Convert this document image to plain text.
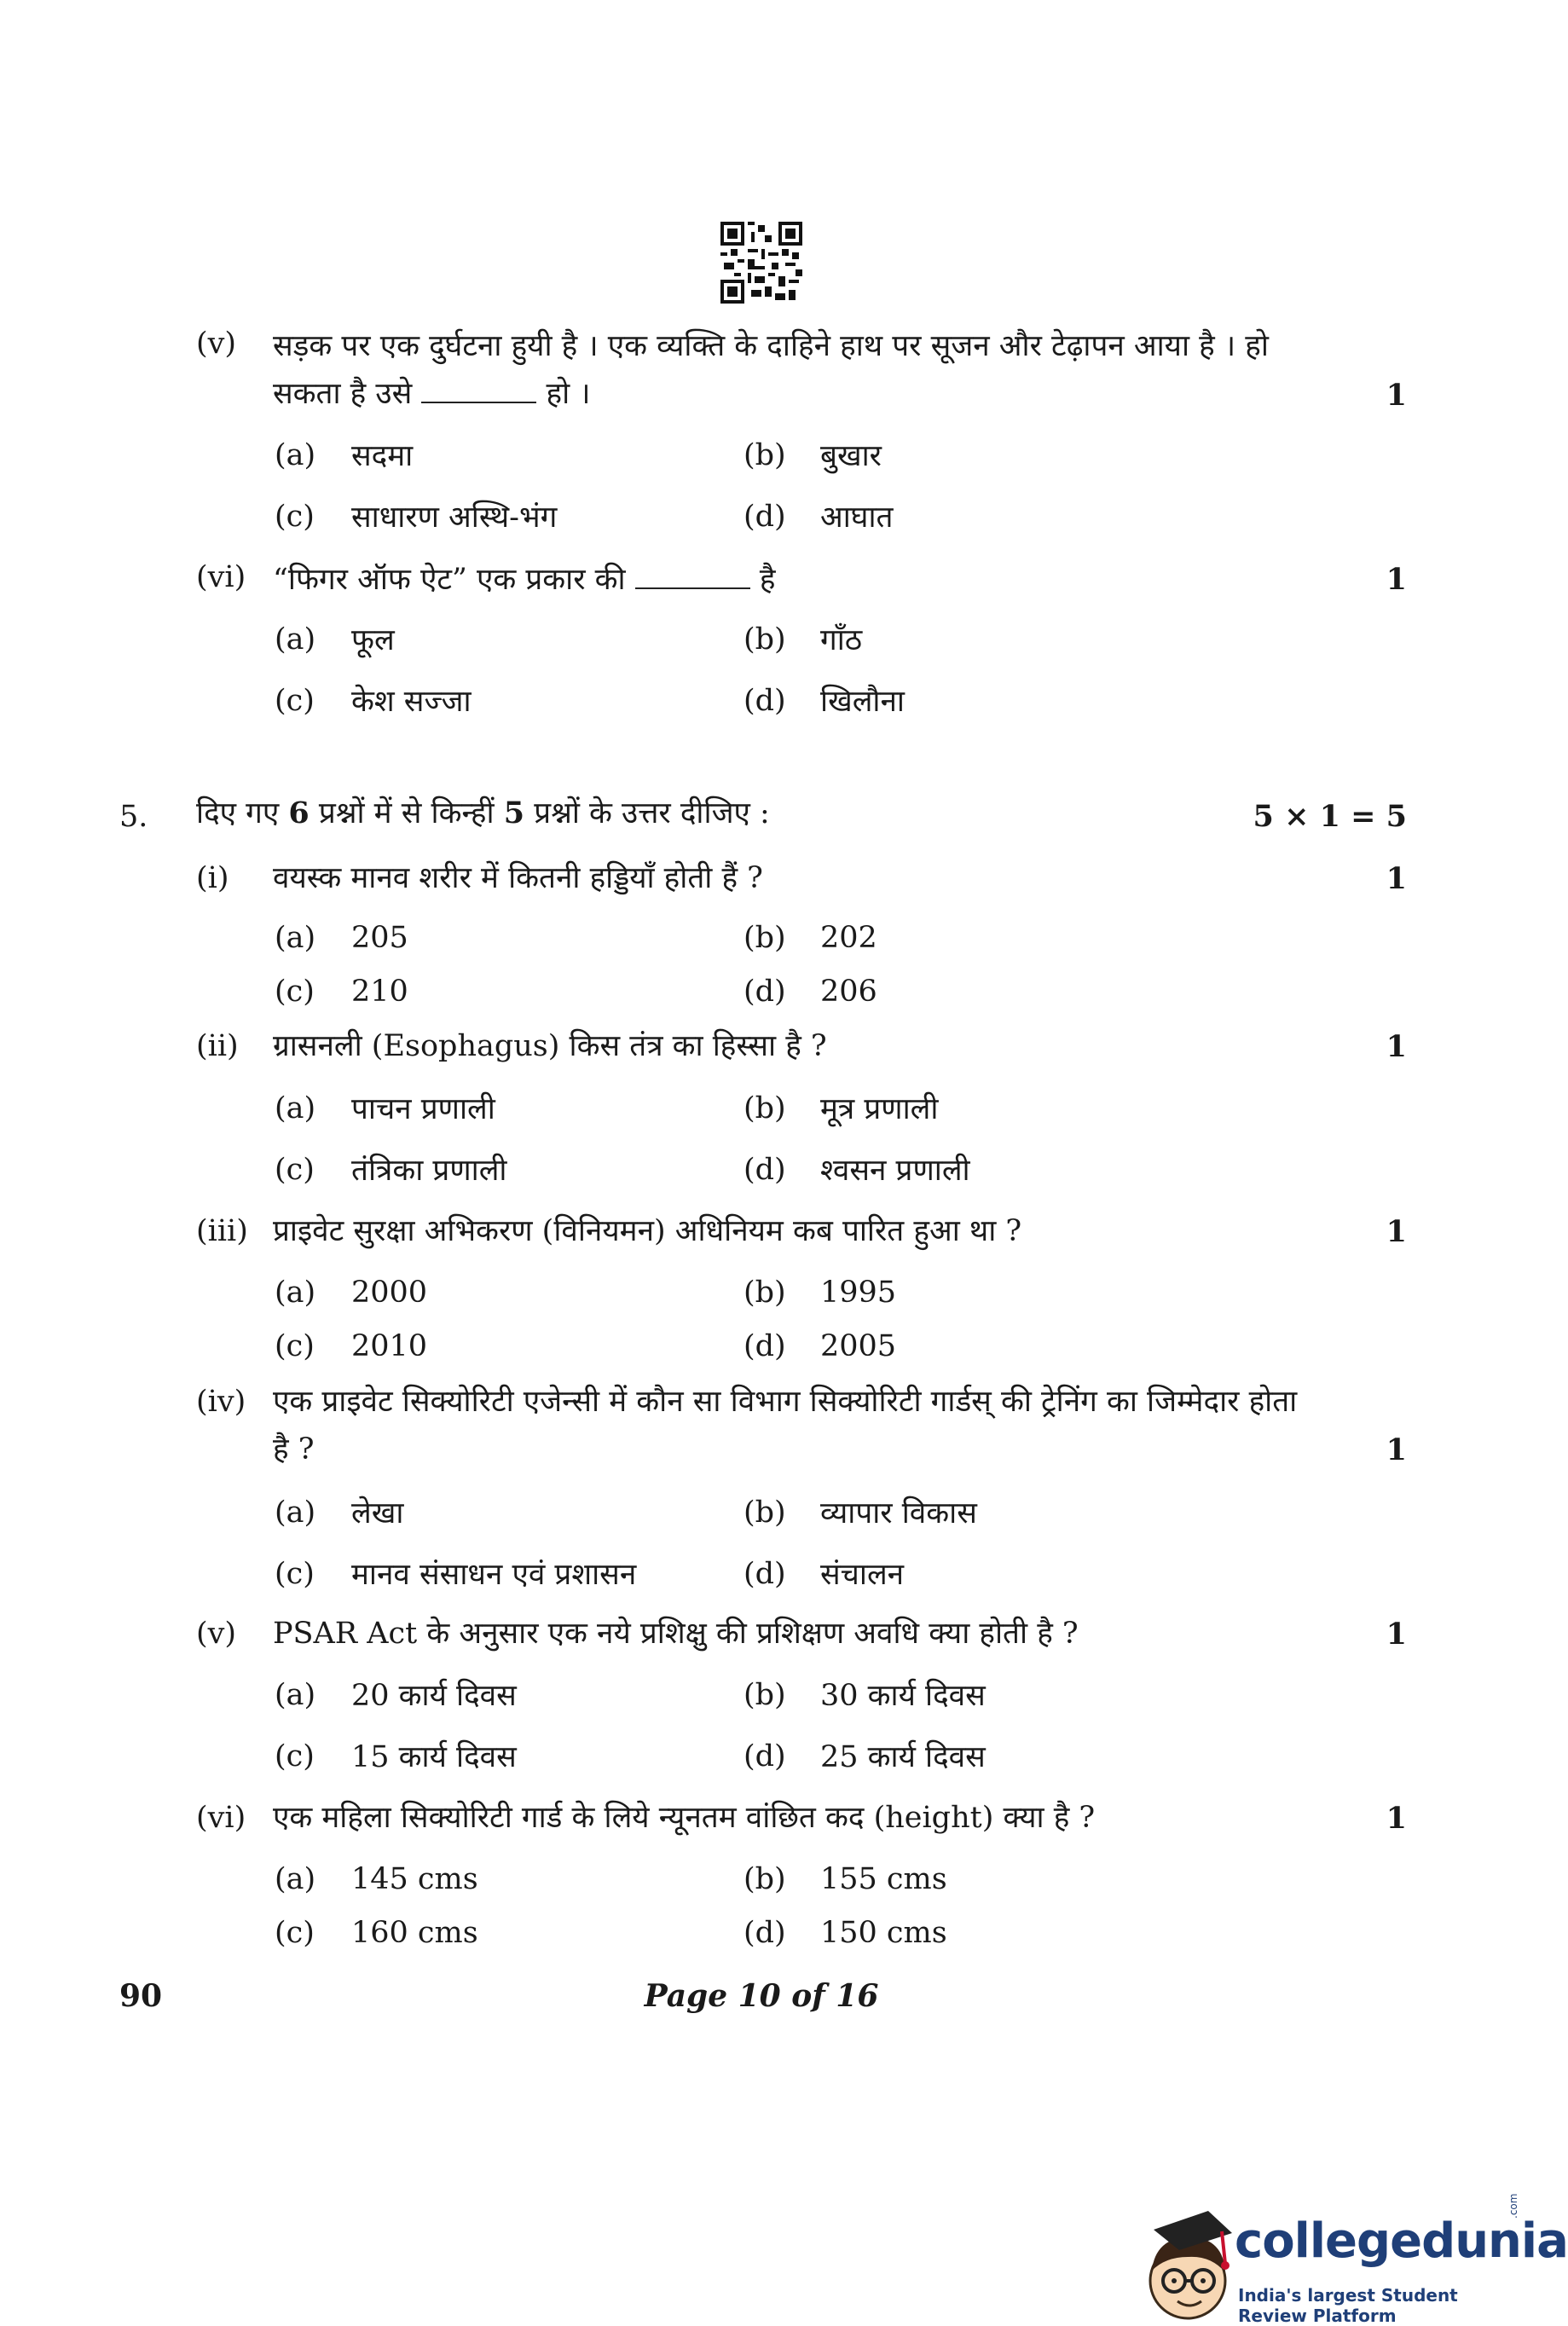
(v) सड़क पर एक दुर्घटना हुयी है । एक व्यक्ति के दाहिने हाथ पर सूजन और टेढ़ापन आया है । हो
सकता है उसे	हो ।	1
(a) सदमा	(b) बुखार
(c) साधारण अस्थि-भंग	(d) आघात
(vi) “फिगर ऑफ ऐट” एक प्रकार की	है	1
(a) फूल	(b) गाँठ
(c) केश सज्जा	(d) खिलौना
5. दिए गए 6 प्रश्नों में से किन्हीं 5 प्रश्नों के उत्तर दीजिए :	5 × 1 = 5
(i) वयस्क मानव शरीर में कितनी हड्डियाँ होती हैं ?	1
(a) 205	(b) 202
(c) 210	(d) 206
(ii) ग्रासनली (Esophagus) किस तंत्र का हिस्सा है ?	1
(a) पाचन प्रणाली	(b) मूत्र प्रणाली
(c) तंत्रिका प्रणाली	(d) श्वसन प्रणाली
(iii) प्राइवेट सुरक्षा अभिकरण (विनियमन) अधिनियम कब पारित हुआ था ?	1
(a) 2000	(b) 1995
(c) 2010	(d) 2005
(iv) एक प्राइवेट सिक्योरिटी एजेन्सी में कौन सा विभाग सिक्योरिटी गार्डस् की ट्रेनिंग का जिम्मेदार होता
है ?	1
(a) लेखा	(b) व्यापार विकास
(c) मानव संसाधन एवं प्रशासन	(d) संचालन
(v) PSAR Act के अनुसार एक नये प्रशिक्षु की प्रशिक्षण अवधि क्या होती है ?	1
(a) 20 कार्य दिवस	(b) 30 कार्य दिवस
(c) 15 कार्य दिवस	(d) 25 कार्य दिवस
(vi) एक महिला सिक्योरिटी गार्ड के लिये न्यूनतम वांछित कद (height) क्या है ?	1
(a) 145 cms	(b) 155 cms
(c) 160 cms	(d) 150 cms
90	Page 10 of 16
collegedunia
.com
India's largest Student Review Platform
